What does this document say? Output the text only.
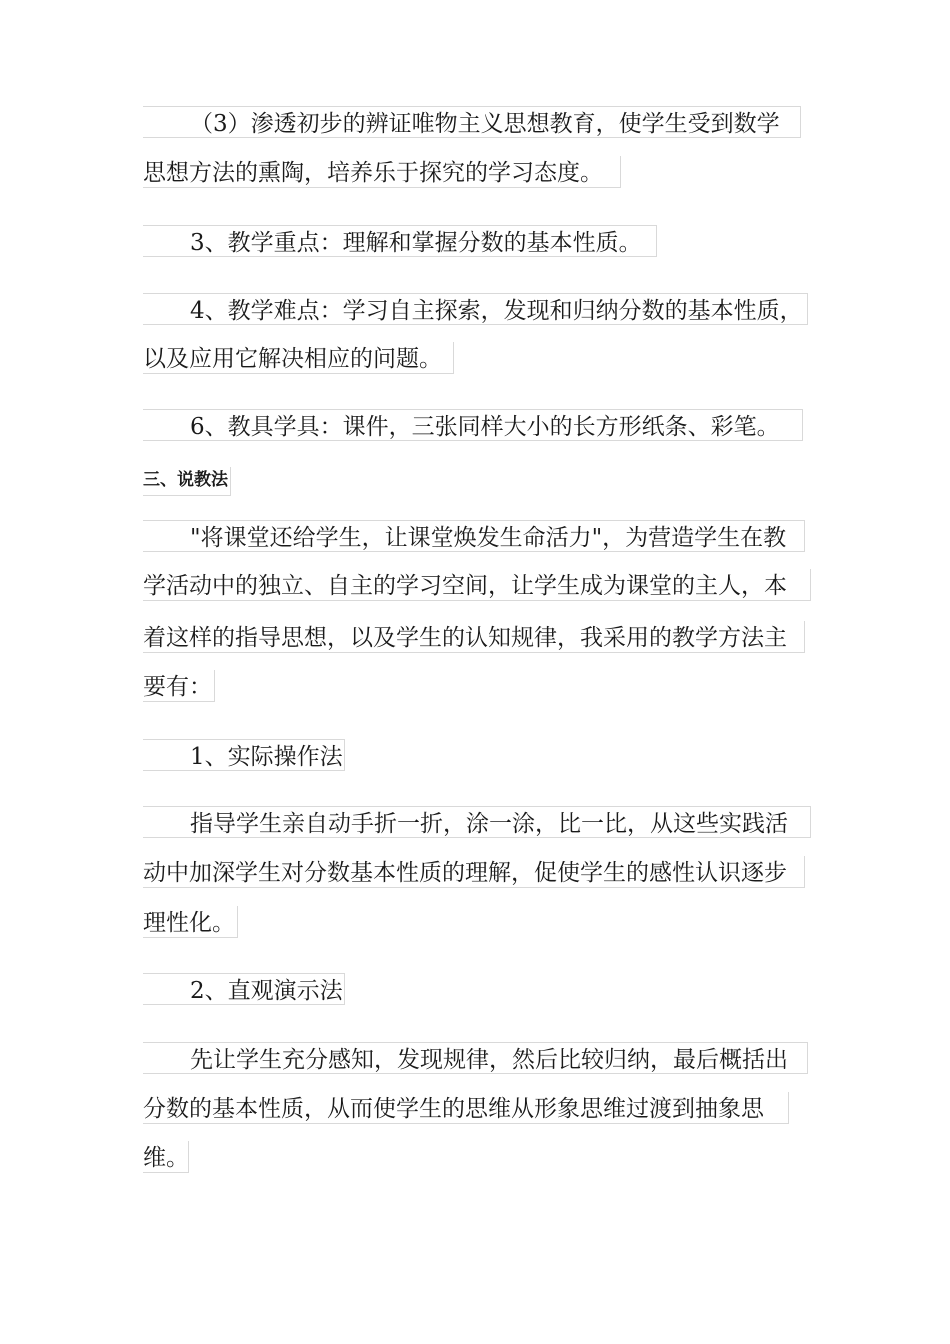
（3）渗透初步的辨证唯物主义思想教育，使学生受到数学
思想方法的熏陶，培养乐于探究的学习态度。
3、教学重点：理解和掌握分数的基本性质。
4、教学难点：学习自主探索，发现和归纳分数的基本性质，
以及应用它解决相应的问题。
6、教具学具：课件，三张同样大小的长方形纸条、彩笔。
三、说教法
"将课堂还给学生，让课堂焕发生命活力"，为营造学生在教
学活动中的独立、自主的学习空间，让学生成为课堂的主人，本
着这样的指导思想，以及学生的认知规律，我采用的教学方法主
要有：
1、实际操作法
指导学生亲自动手折一折，涂一涂，比一比，从这些实践活
动中加深学生对分数基本性质的理解，促使学生的感性认识逐步
理性化。
2、直观演示法
先让学生充分感知，发现规律，然后比较归纳，最后概括出
分数的基本性质，从而使学生的思维从形象思维过渡到抽象思
维。
